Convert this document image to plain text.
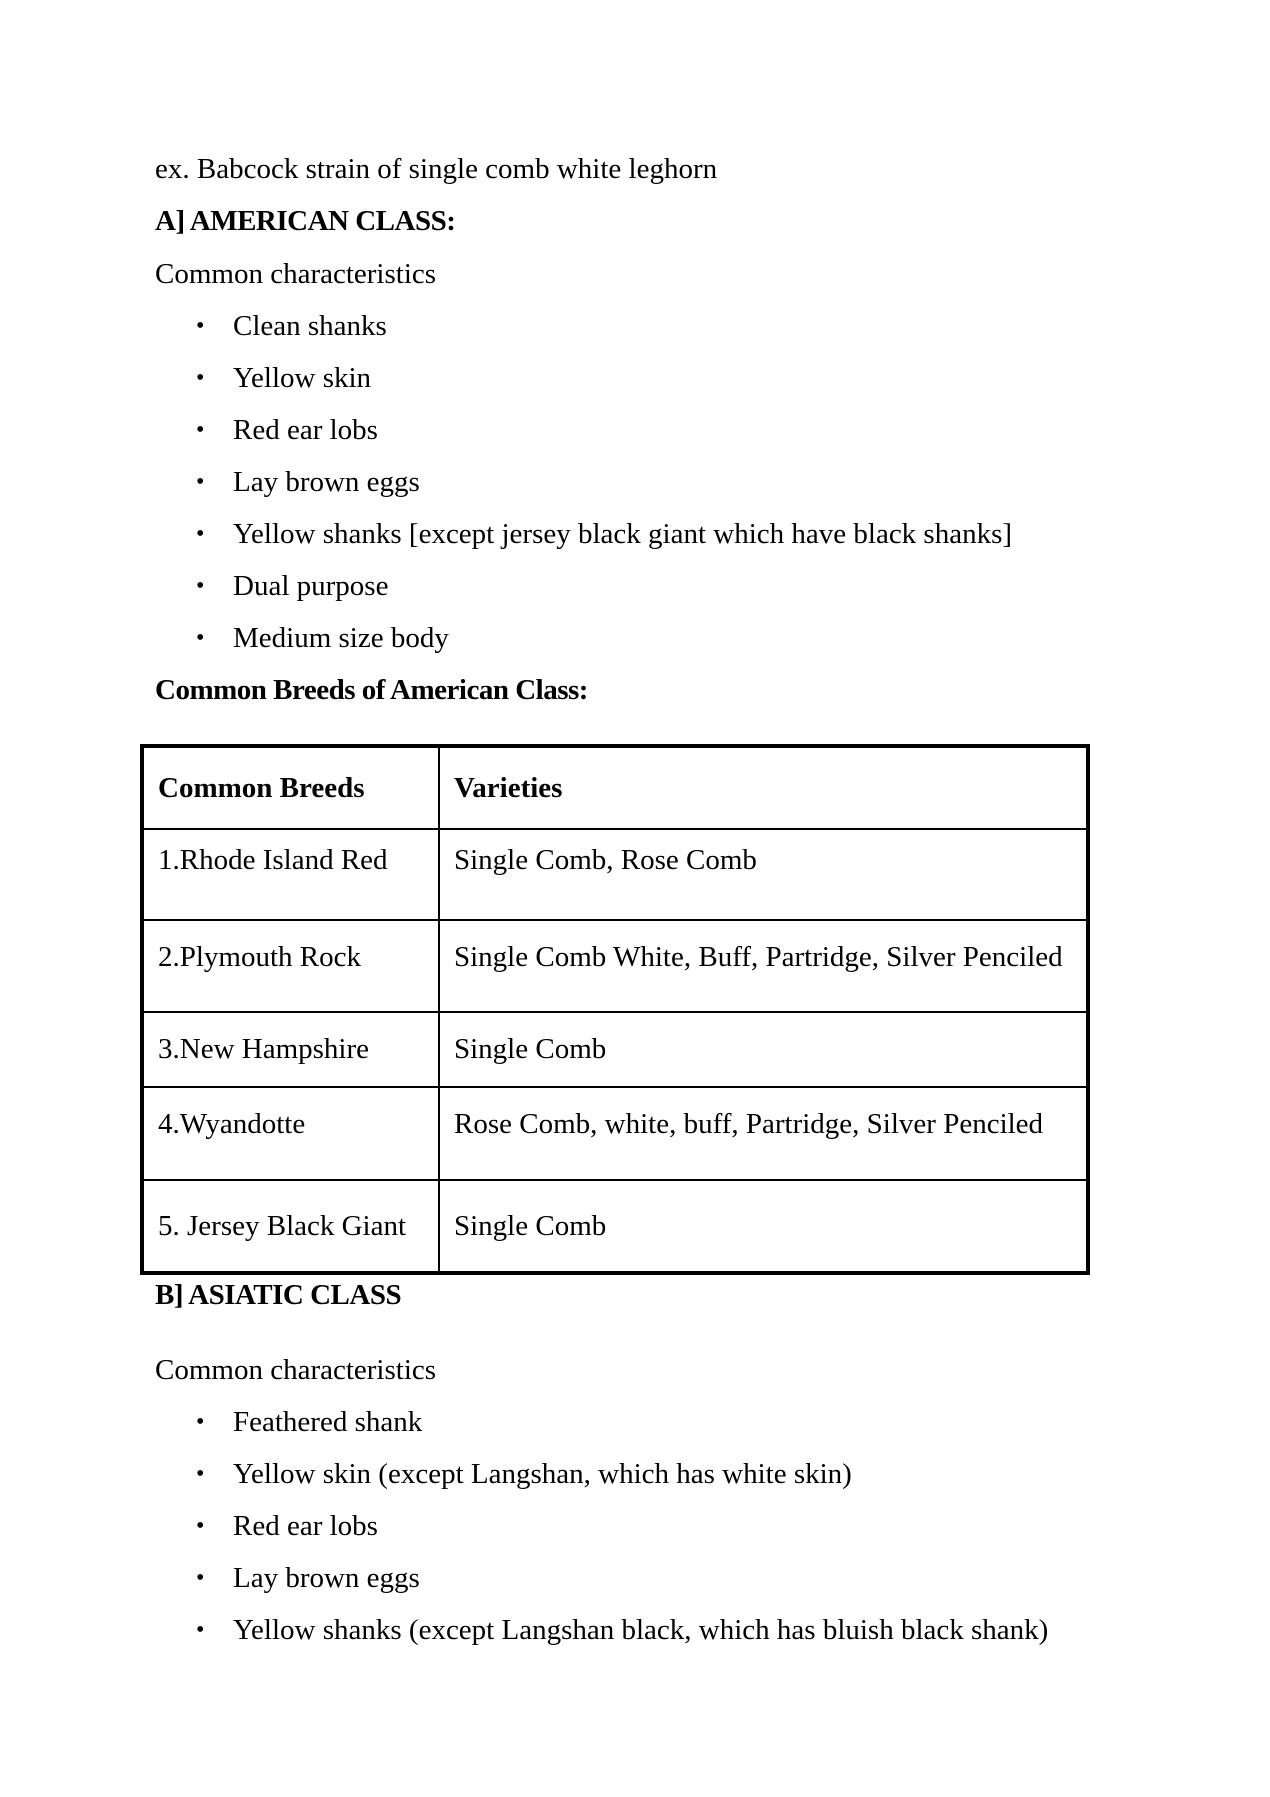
ex. Babcock strain of single comb white leghorn
A] AMERICAN CLASS:
Common characteristics
• Clean shanks
• Yellow skin
• Red ear lobs
• Lay brown eggs
• Yellow shanks [except jersey black giant which have black shanks]
• Dual purpose
• Medium size body
Common Breeds of American Class:
Common Breeds	Varieties
1.Rhode Island Red	Single Comb, Rose Comb
2.Plymouth Rock	Single Comb White, Buff, Partridge, Silver Penciled
3.New Hampshire	Single Comb
4.Wyandotte	Rose Comb, white, buff, Partridge, Silver Penciled
5. Jersey Black Giant	Single Comb
B] ASIATIC CLASS
Common characteristics
• Feathered shank
• Yellow skin (except Langshan, which has white skin)
• Red ear lobs
• Lay brown eggs
• Yellow shanks (except Langshan black, which has bluish black shank)
